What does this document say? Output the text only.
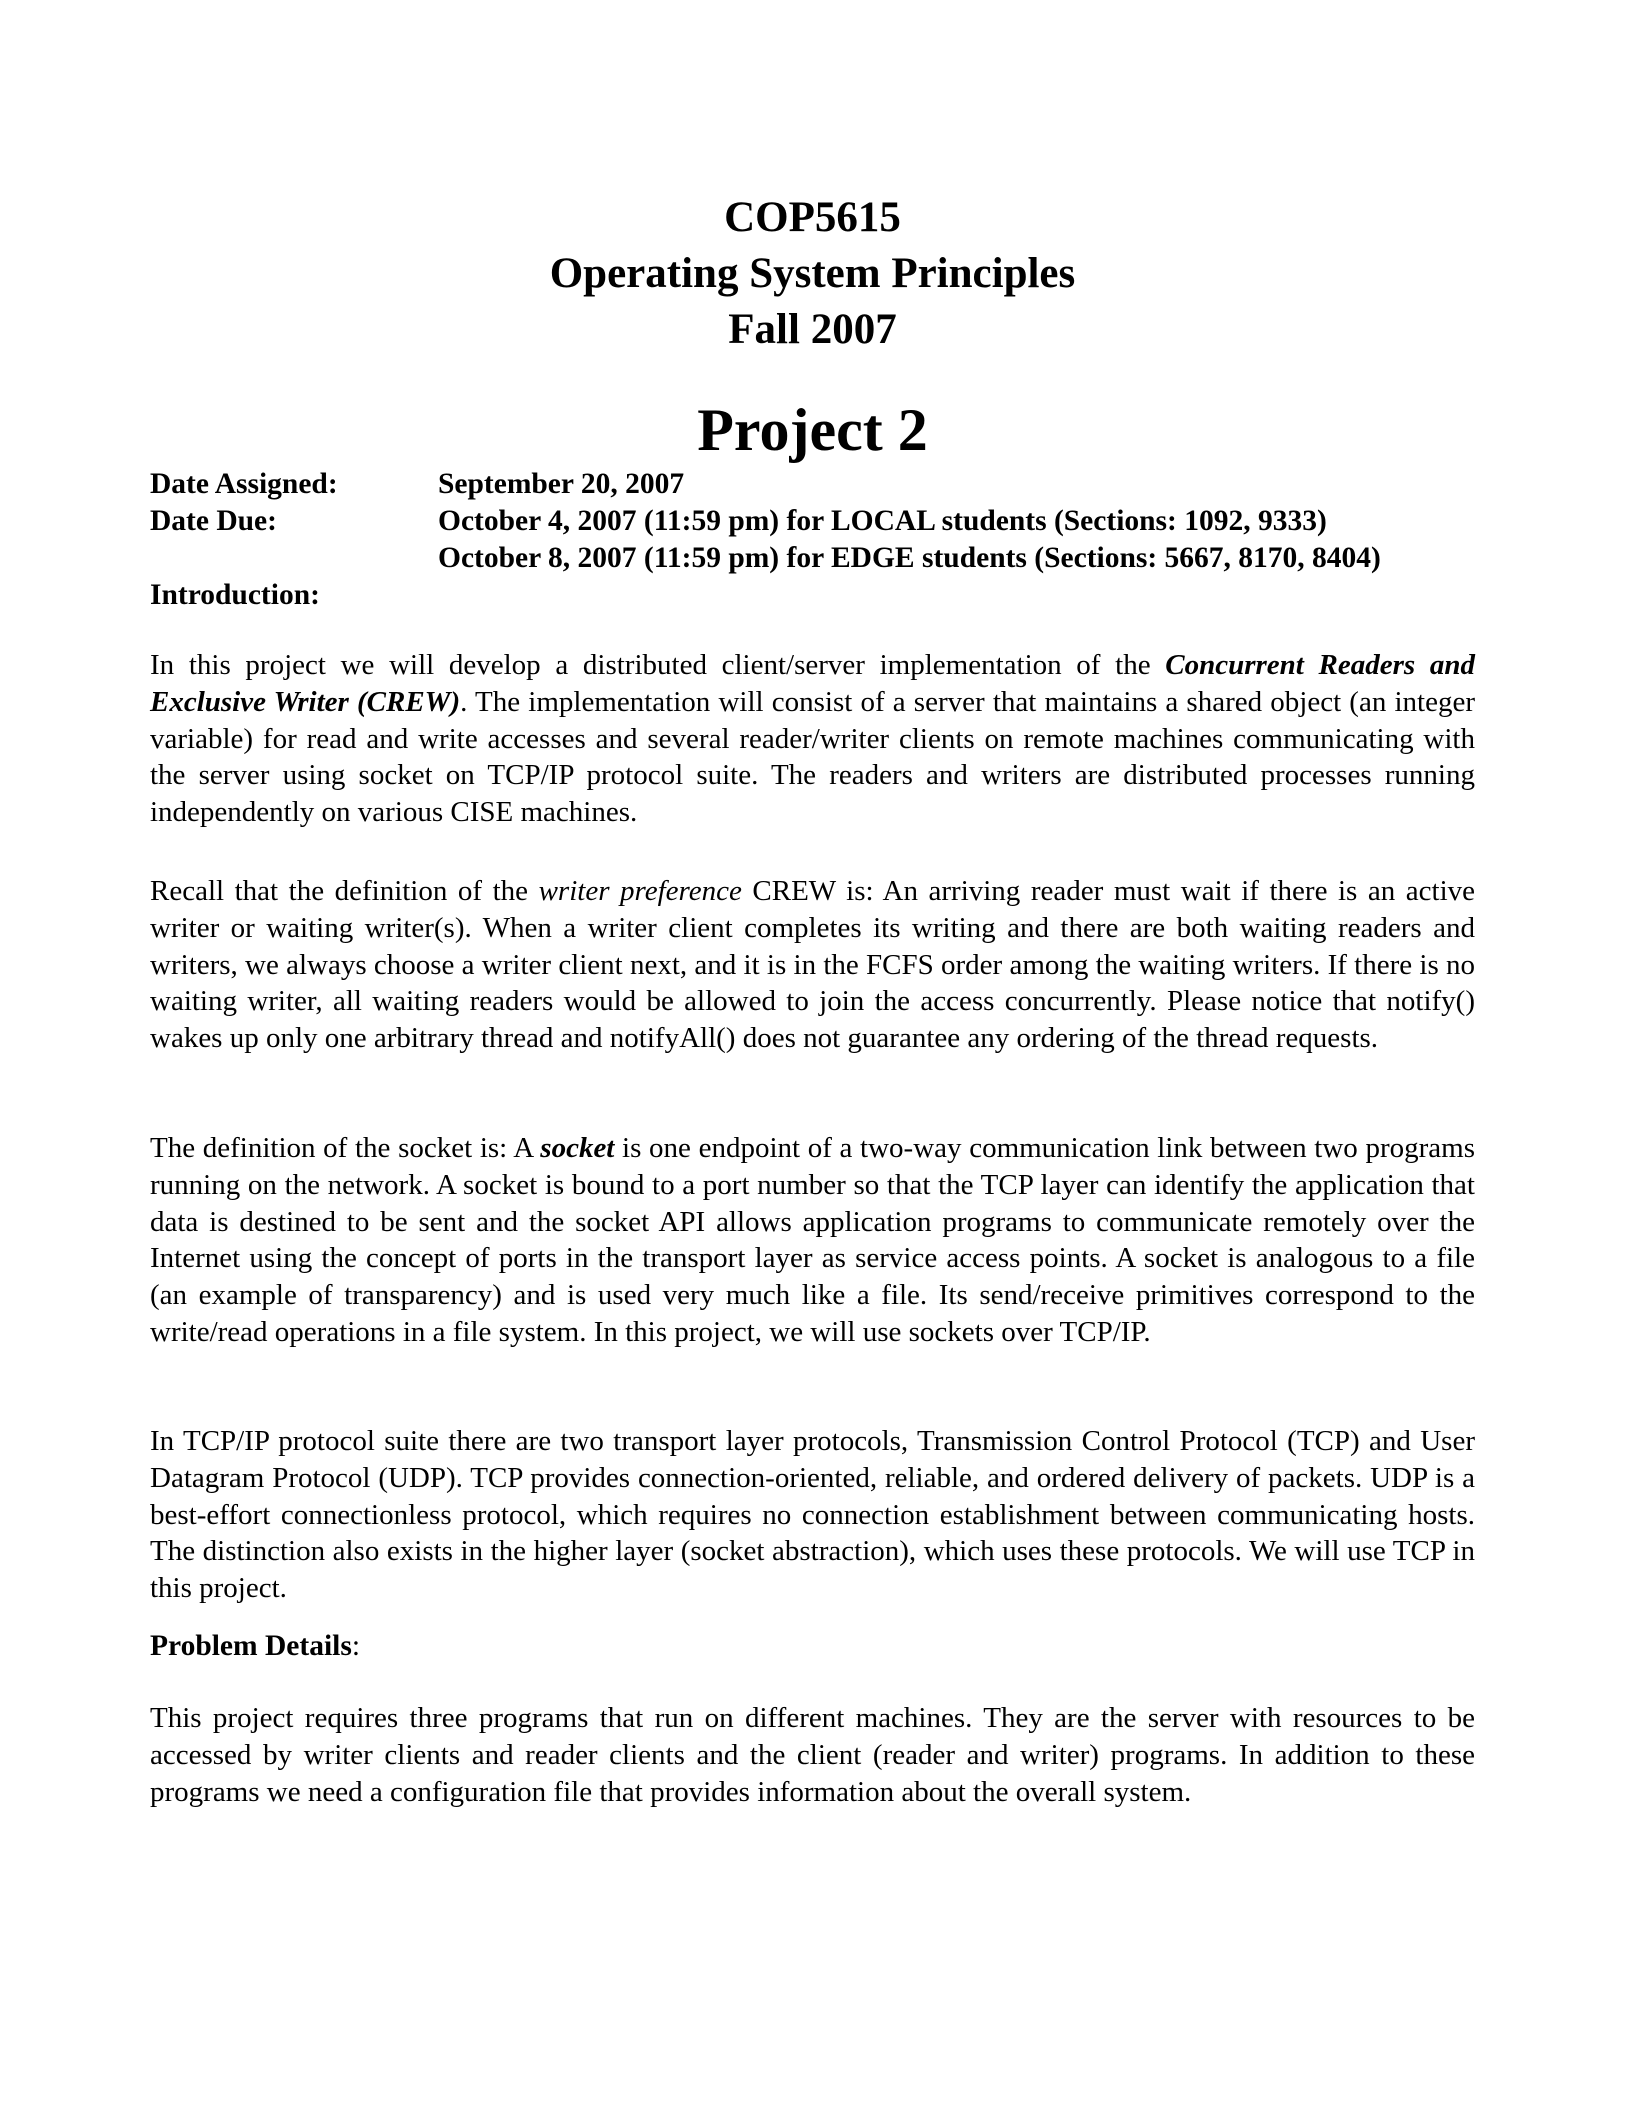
COP5615
Operating System Principles
Fall 2007
Project 2
Date Assigned:	September 20, 2007
Date Due:	October 4, 2007 (11:59 pm) for LOCAL students (Sections: 1092, 9333)
October 8, 2007 (11:59 pm) for EDGE students (Sections: 5667, 8170, 8404)
Introduction:

In this project we will develop a distributed client/server implementation of the Concurrent Readers and Exclusive Writer (CREW). The implementation will consist of a server that maintains a shared object (an integer variable) for read and write accesses and several reader/writer clients on remote machines communicating with the server using socket on TCP/IP protocol suite. The readers and writers are distributed processes running independently on various CISE machines.

Recall that the definition of the writer preference CREW is: An arriving reader must wait if there is an active writer or waiting writer(s). When a writer client completes its writing and there are both waiting readers and writers, we always choose a writer client next, and it is in the FCFS order among the waiting writers. If there is no waiting writer, all waiting readers would be allowed to join the access concurrently. Please notice that notify() wakes up only one arbitrary thread and notifyAll() does not guarantee any ordering of the thread requests.

The definition of the socket is: A socket is one endpoint of a two-way communication link between two programs running on the network. A socket is bound to a port number so that the TCP layer can identify the application that data is destined to be sent and the socket API allows application programs to communicate remotely over the Internet using the concept of ports in the transport layer as service access points. A socket is analogous to a file (an example of transparency) and is used very much like a file. Its send/receive primitives correspond to the write/read operations in a file system. In this project, we will use sockets over TCP/IP.

In TCP/IP protocol suite there are two transport layer protocols, Transmission Control Protocol (TCP) and User Datagram Protocol (UDP). TCP provides connection-oriented, reliable, and ordered delivery of packets. UDP is a best-effort connectionless protocol, which requires no connection establishment between communicating hosts. The distinction also exists in the higher layer (socket abstraction), which uses these protocols. We will use TCP in this project.

Problem Details:

This project requires three programs that run on different machines. They are the server with resources to be accessed by writer clients and reader clients and the client (reader and writer) programs. In addition to these programs we need a configuration file that provides information about the overall system.
